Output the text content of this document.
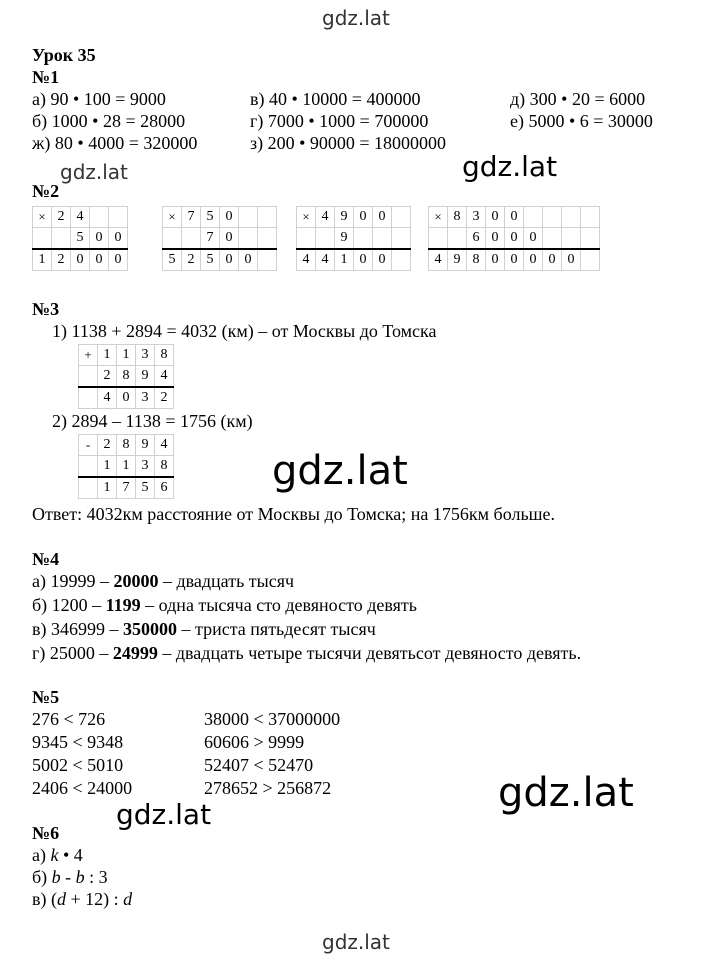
gdz.lat
gdz.lat	gdz.lat
gdz.lat
gdz.lat
gdz.lat
gdz.lat
Урок 35
№1
а) 90 • 100 = 9000
б) 1000 • 28 = 28000
ж) 80 • 4000 = 320000
в) 40 • 10000 = 400000
г) 7000 • 1000 = 700000
з) 200 • 90000 = 18000000
д) 300 • 20 = 6000
е) 5000 • 6 = 30000
№2
×	2	4		
		5	0	0
1	2	0	0	0
×	7	5	0		
		7	0		
5	2	5	0	0	
×	4	9	0	0	
		9			
4	4	1	0	0	
×	8	3	0	0				
		6	0	0	0			
4	9	8	0	0	0	0	0	
№3
1) 1138 + 2894 = 4032 (км) – от Москвы до Томска
+	1	1	3	8
	2	8	9	4
	4	0	3	2
2) 2894 – 1138 = 1756 (км)
-	2	8	9	4
	1	1	3	8
	1	7	5	6
Ответ: 4032км расстояние от Москвы до Томска; на 1756км больше.
№4
а) 19999 – 20000 – двадцать тысяч
б) 1200 – 1199 – одна тысяча сто девяносто девять
в) 346999 – 350000 – триста пятьдесят тысяч
г) 25000 – 24999 – двадцать четыре тысячи девятьсот девяносто девять.
№5
276 < 726
9345 < 9348
5002 < 5010
2406 < 24000
38000 < 37000000
60606 > 9999
52407 < 52470
278652 > 256872
№6
а) k • 4
б) b - b : 3
в) (d + 12) : d
